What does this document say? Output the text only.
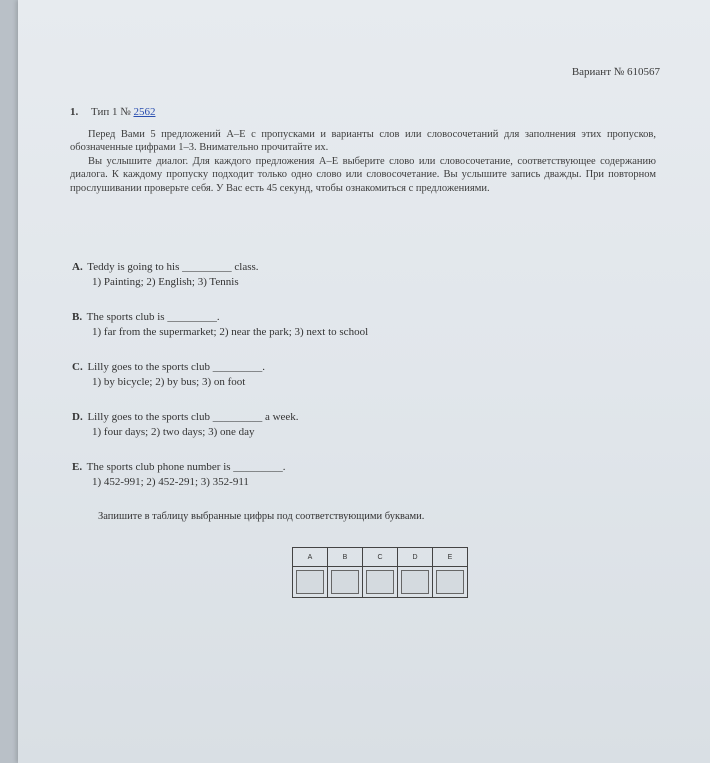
Вариант № 610567
1. Тип 1 № 2562

Перед Вами 5 предложений А–Е с пропусками и варианты слов или словосочетаний для заполнения этих пропусков, обозначенные цифрами 1–3. Внимательно прочитайте их.

Вы услышите диалог. Для каждого предложения А–Е выберите слово или словосочетание, соответствующее содержанию диалога. К каждому пропуску подходит только одно слово или словосочетание. Вы услышите запись дважды. При повторном прослушивании проверьте себя. У Вас есть 45 секунд, чтобы ознакомиться с предложениями.

A. Teddy is going to his _________ class.
1) Painting; 2) English; 3) Tennis
B. The sports club is _________.
1) far from the supermarket; 2) near the park; 3) next to school
C. Lilly goes to the sports club _________.
1) by bicycle; 2) by bus; 3) on foot
D. Lilly goes to the sports club _________ a week.
1) four days; 2) two days; 3) one day
E. The sports club phone number is _________.
1) 452-991; 2) 452-291; 3) 352-911
Запишите в таблицу выбранные цифры под соответствующими буквами.
A	B	C	D	E
